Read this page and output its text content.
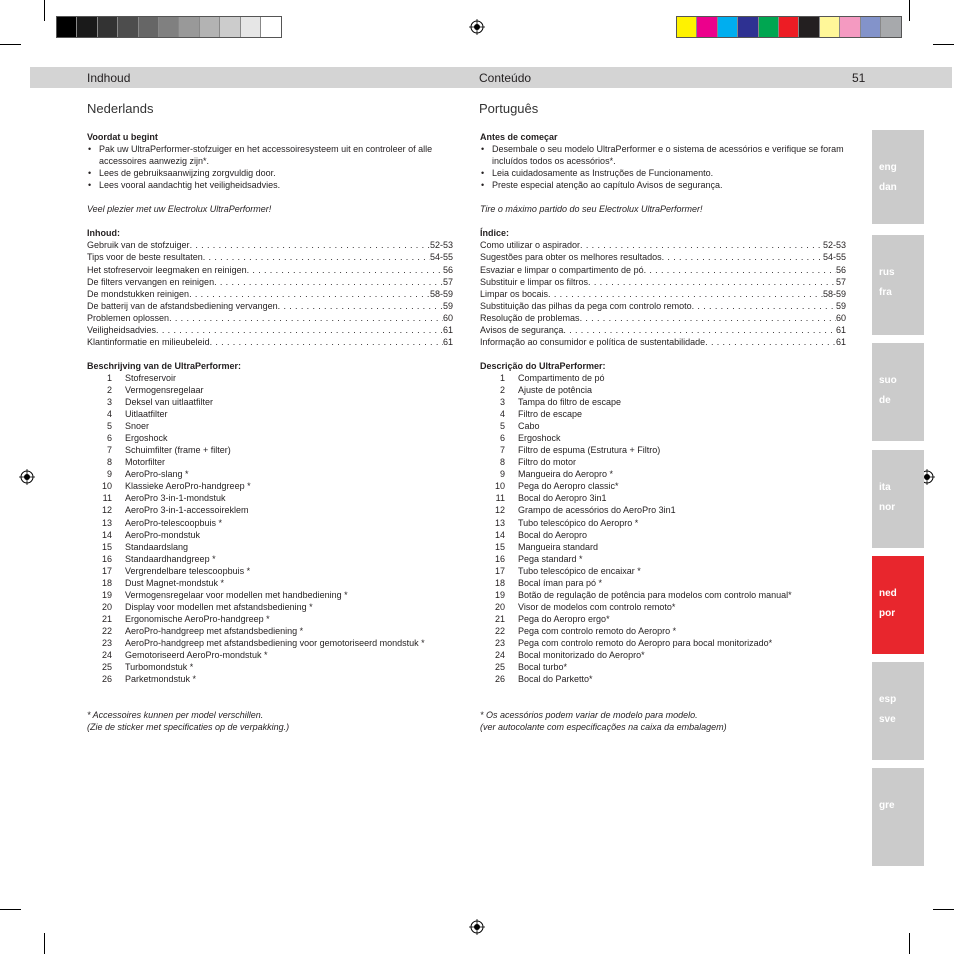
Indhoud	Conteúdo	51
Nederlands	Português
Voordat u begint
• Pak uw UltraPerformer-stofzuiger en het accessoiresysteem uit en controleer of alle accessoires aanwezig zijn*.
• Lees de gebruiksaanwijzing zorgvuldig door.
• Lees vooral aandachtig het veiligheidsadvies.
Veel plezier met uw Electrolux UltraPerformer!
Inhoud:
Gebruik van de stofzuiger . . .	52-53
Tips voor de beste resultaten . . .	54-55
Het stofreservoir leegmaken en reinigen . . .	56
De filters vervangen en reinigen . . .	57
De mondstukken reinigen . . .	58-59
De batterij van de afstandsbediening vervangen . . .	59
Problemen oplossen . . .	60
Veiligheidsadvies . . .	61
Klantinformatie en milieubeleid . . .	61
Beschrijving van de UltraPerformer:
1 Stofreservoir
2 Vermogensregelaar
3 Deksel van uitlaatfilter
4 Uitlaatfilter
5 Snoer
6 Ergoshock
7 Schuimfilter (frame + filter)
8 Motorfilter
9 AeroPro-slang *
10 Klassieke AeroPro-handgreep *
11 AeroPro 3-in-1-mondstuk
12 AeroPro 3-in-1-accessoireklem
13 AeroPro-telescoopbuis *
14 AeroPro-mondstuk
15 Standaardslang
16 Standaardhandgreep *
17 Vergrendelbare telescoopbuis *
18 Dust Magnet-mondstuk *
19 Vermogensregelaar voor modellen met handbediening *
20 Display voor modellen met afstandsbediening *
21 Ergonomische AeroPro-handgreep *
22 AeroPro-handgreep met afstandsbediening *
23 AeroPro-handgreep met afstandsbediening voor gemotoriseerd mondstuk *
24 Gemotoriseerd AeroPro-mondstuk *
25 Turbomondstuk *
26 Parketmondstuk *
* Accessoires kunnen per model verschillen.
(Zie de sticker met specificaties op de verpakking.)
Antes de começar
• Desembale o seu modelo UltraPerformer e o sistema de acessórios e verifique se foram incluídos todos os acessórios*.
• Leia cuidadosamente as Instruções de Funcionamento.
• Preste especial atenção ao capítulo Avisos de segurança.
Tire o máximo partido do seu Electrolux UltraPerformer!
Índice:
Como utilizar o aspirador . . .	52-53
Sugestões para obter os melhores resultados . . .	54-55
Esvaziar e limpar o compartimento de pó . . .	56
Substituir e limpar os filtros . . .	57
Limpar os bocais . . .	58-59
Substituição das pilhas da pega com controlo remoto . . .	59
Resolução de problemas . . .	60
Avisos de segurança . . .	61
Informação ao consumidor e política de sustentabilidade . . .	61
Descrição do UltraPerformer:
1 Compartimento de pó
2 Ajuste de potência
3 Tampa do filtro de escape
4 Filtro de escape
5 Cabo
6 Ergoshock
7 Filtro de espuma (Estrutura + Filtro)
8 Filtro do motor
9 Mangueira do Aeropro *
10 Pega do Aeropro classic*
11 Bocal do Aeropro 3in1
12 Grampo de acessórios do AeroPro 3in1
13 Tubo telescópico do Aeropro *
14 Bocal do Aeropro
15 Mangueira standard
16 Pega standard *
17 Tubo telescópico de encaixar *
18 Bocal íman para pó *
19 Botão de regulação de potência para modelos com controlo manual*
20 Visor de modelos com controlo remoto*
21 Pega do Aeropro ergo*
22 Pega com controlo remoto do Aeropro *
23 Pega com controlo remoto do Aeropro para bocal monitorizado*
24 Bocal monitorizado do Aeropro*
25 Bocal turbo*
26 Bocal do Parketto*
* Os acessórios podem variar de modelo para modelo.
(ver autocolante com especificações na caixa da embalagem)
eng
dan
rus
fra
suo
de
ita
nor
ned
por
esp
sve
gre
